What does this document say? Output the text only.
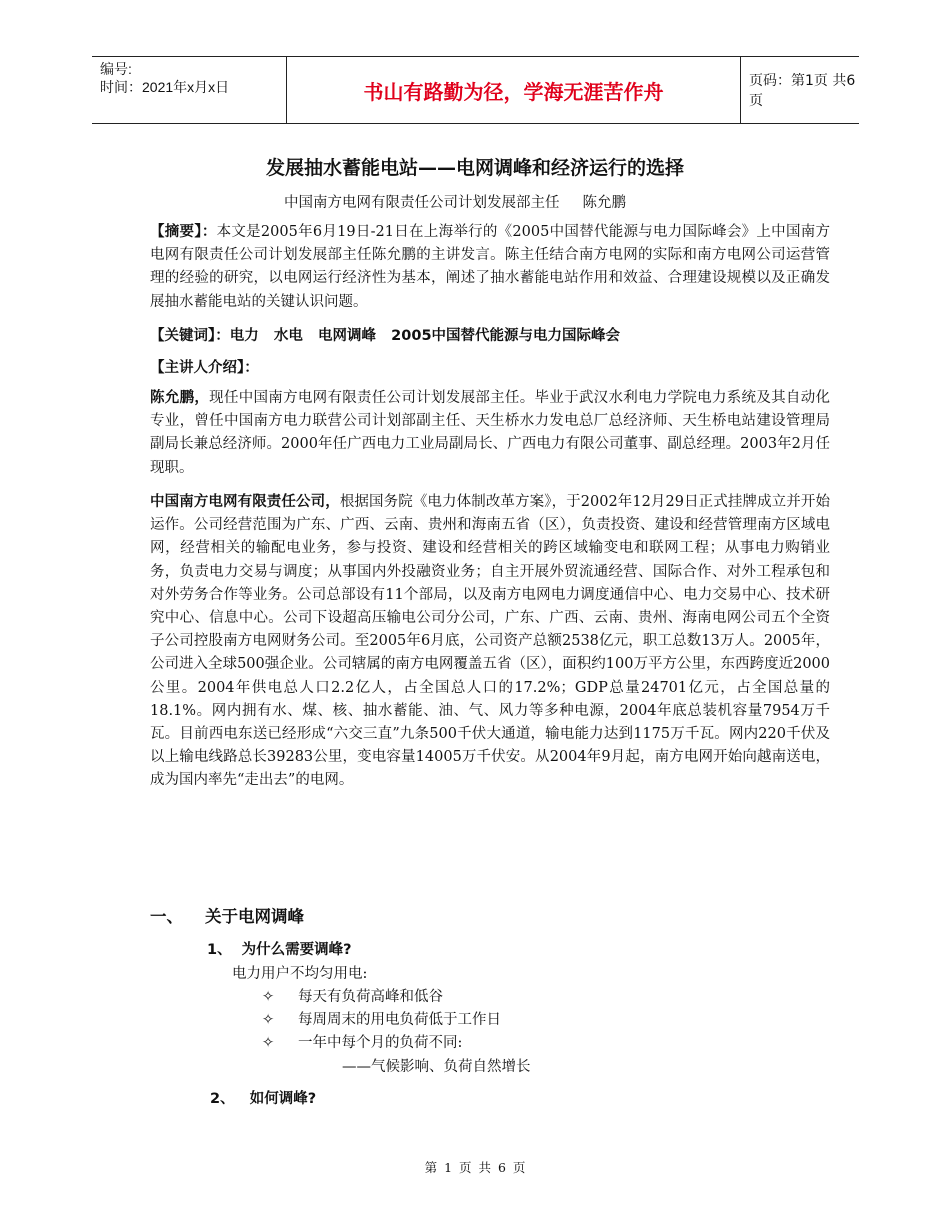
编号:
时间：2021年x月x日	书山有路勤为径，学海无涯苦作舟	页码：第1页 共6页
发展抽水蓄能电站——电网调峰和经济运行的选择
中国南方电网有限责任公司计划发展部主任     陈允鹏
【摘要】：本文是2005年6月19日-21日在上海举行的《2005中国替代能源与电力国际峰会》上中国南方电网有限责任公司计划发展部主任陈允鹏的主讲发言。陈主任结合南方电网的实际和南方电网公司运营管理的经验的研究，以电网运行经济性为基本，阐述了抽水蓄能电站作用和效益、合理建设规模以及正确发展抽水蓄能电站的关键认识问题。
【关键词】：电力   水电   电网调峰   2005中国替代能源与电力国际峰会
【主讲人介绍】：
陈允鹏，现任中国南方电网有限责任公司计划发展部主任。毕业于武汉水利电力学院电力系统及其自动化专业，曾任中国南方电力联营公司计划部副主任、天生桥水力发电总厂总经济师、天生桥电站建设管理局副局长兼总经济师。2000年任广西电力工业局副局长、广西电力有限公司董事、副总经理。2003年2月任现职。
中国南方电网有限责任公司，根据国务院《电力体制改革方案》，于2002年12月29日正式挂牌成立并开始运作。公司经营范围为广东、广西、云南、贵州和海南五省（区），负责投资、建设和经营管理南方区域电网，经营相关的输配电业务，参与投资、建设和经营相关的跨区域输变电和联网工程；从事电力购销业务，负责电力交易与调度；从事国内外投融资业务；自主开展外贸流通经营、国际合作、对外工程承包和对外劳务合作等业务。公司总部设有11个部局，以及南方电网电力调度通信中心、电力交易中心、技术研究中心、信息中心。公司下设超高压输电公司分公司，广东、广西、云南、贵州、海南电网公司五个全资子公司控股南方电网财务公司。至2005年6月底，公司资产总额2538亿元，职工总数13万人。2005年，公司进入全球500强企业。公司辖属的南方电网覆盖五省（区），面积约100万平方公里，东西跨度近2000公里。2004年供电总人口2.2亿人，占全国总人口的17.2%；GDP总量24701亿元，占全国总量的18.1%。网内拥有水、煤、核、抽水蓄能、油、气、风力等多种电源，2004年底总装机容量7954万千瓦。目前西电东送已经形成“六交三直”九条500千伏大通道，输电能力达到1175万千瓦。网内220千伏及以上输电线路总长39283公里，变电容量14005万千伏安。从2004年9月起，南方电网开始向越南送电，成为国内率先“走出去”的电网。
一、 关于电网调峰
1、  为什么需要调峰?
电力用户不均匀用电:
✧ 每天有负荷高峰和低谷
✧ 每周周末的用电负荷低于工作日
✧ 一年中每个月的负荷不同:
——气候影响、负荷自然增长
2、   如何调峰?
第 1 页 共 6 页
